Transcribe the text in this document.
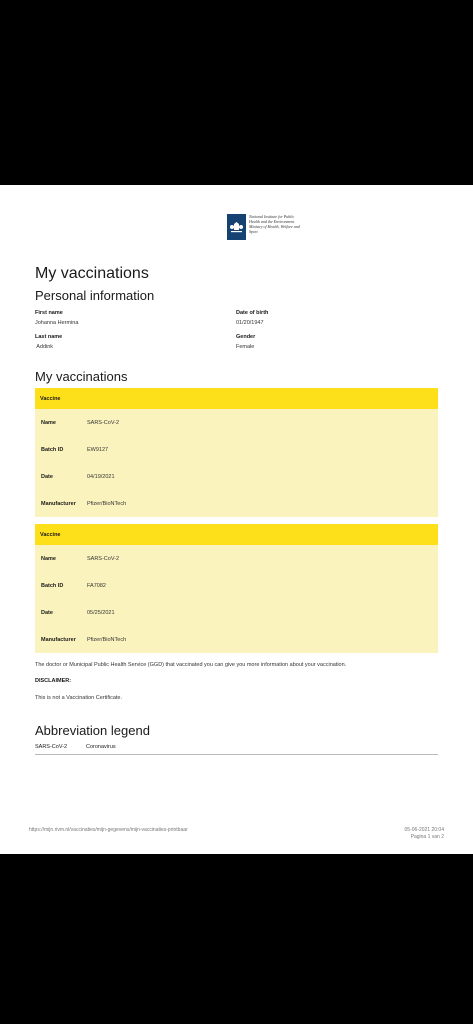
National Institute for Public
Health and the Environment
Ministry of Health, Welfare and
Sport
My vaccinations
Personal information
First name
Johanna Hermina
Date of birth
01/20/1947
Last name
Addink
Gender
Female
My vaccinations
Vaccine
Name	SARS-CoV-2
Batch ID	EW9127
Date	04/19/2021
Manufacturer	Pfizer/BioNTech
Vaccine
Name	SARS-CoV-2
Batch ID	FA7082
Date	05/25/2021
Manufacturer	Pfizer/BioNTech
The doctor or Municipal Public Health Service (GGD) that vaccinated you can give you more information about your vaccination.
DISCLAIMER:
This is not a Vaccination Certificate.
Abbreviation legend
SARS-CoV-2	Coronavirus
https://mijn.rivm.nl/vaccinaties/mijn-gegevens/mijn-vaccinaties-printbaar	05-06-2021 20:04
Pagina 1 van 2
